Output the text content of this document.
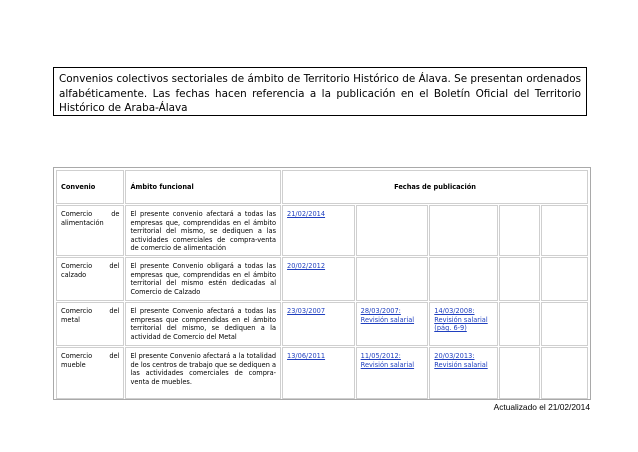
Convenios colectivos sectoriales de ámbito de Territorio Histórico de Álava. Se presentan ordenados alfabéticamente. Las fechas hacen referencia a la publicación en el Boletín Oficial del Territorio Histórico de Araba-Álava
Convenio	Ámbito funcional	Fechas de publicación				

Comercio de
alimentación	El presente convenio afectará a todas las empresas que, comprendidas en el ámbito territorial del mismo, se dediquen a las actividades comerciales de compra-venta de comercio de alimentación	21/02/2014				
Comercio del calzado	El presente Convenio obligará a todas las empresas que, comprendidas en el ámbito territorial del mismo estén dedicadas al Comercio de Calzado	20/02/2012				
Comercio del metal	El presente Convenio afectará a todas las empresas que comprendidas en el ámbito territorial del mismo, se dediquen a la actividad de Comercio del Metal	23/03/2007	28/03/2007:
Revisión salarial	14/03/2008:
Revisión salarial
(pág. 6-9)		
Comercio del mueble	El presente Convenio afectará a la totalidad de los centros de trabajo que se dediquen a las actividades comerciales de compra-venta de muebles.	13/06/2011	11/05/2012:
Revisión salarial	20/03/2013:
Revisión salarial		
Actualizado el 21/02/2014
